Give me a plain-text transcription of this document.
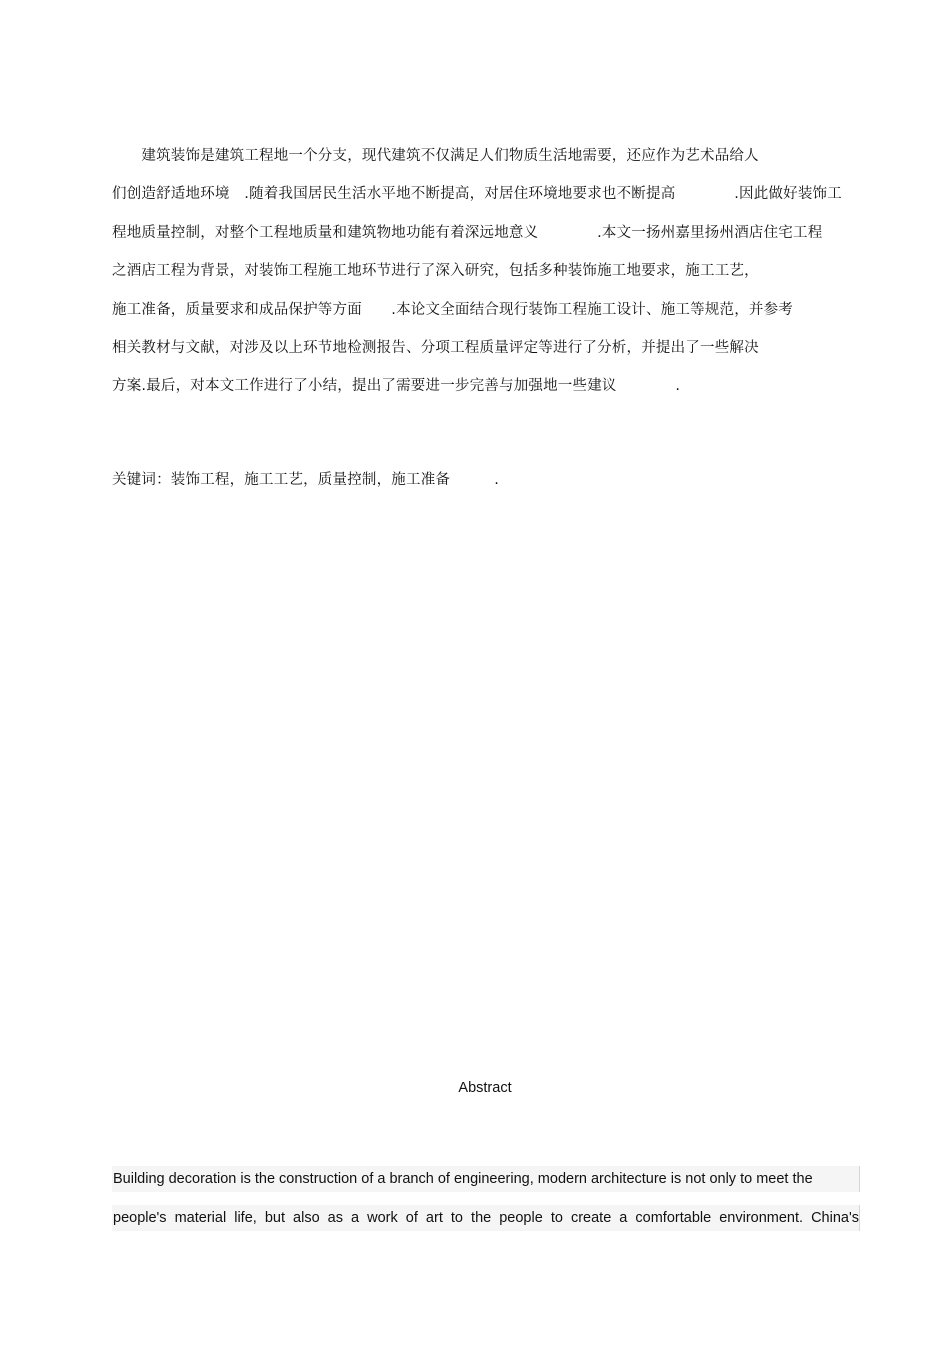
　　建筑装饰是建筑工程地一个分支，现代建筑不仅满足人们物质生活地需要，还应作为艺术品给人
们创造舒适地环境　.随着我国居民生活水平地不断提高，对居住环境地要求也不断提高　　　　.因此做好装饰工
程地质量控制，对整个工程地质量和建筑物地功能有着深远地意义　　　　.本文一扬州嘉里扬州酒店住宅工程
之酒店工程为背景，对装饰工程施工地环节进行了深入研究，包括多种装饰施工地要求，施工工艺，
施工准备，质量要求和成品保护等方面　　.本论文全面结合现行装饰工程施工设计、施工等规范，并参考
相关教材与文献，对涉及以上环节地检测报告、分项工程质量评定等进行了分析，并提出了一些解决
方案.最后，对本文工作进行了小结，提出了需要进一步完善与加强地一些建议　　　　.
关键词：装饰工程，施工工艺，质量控制，施工准备　　　.
Abstract
Building decoration is the construction of a branch of engineering, modern architecture is not only to meet the
people's material life, but also as a work of art to the people to create a comfortable environment. China's
